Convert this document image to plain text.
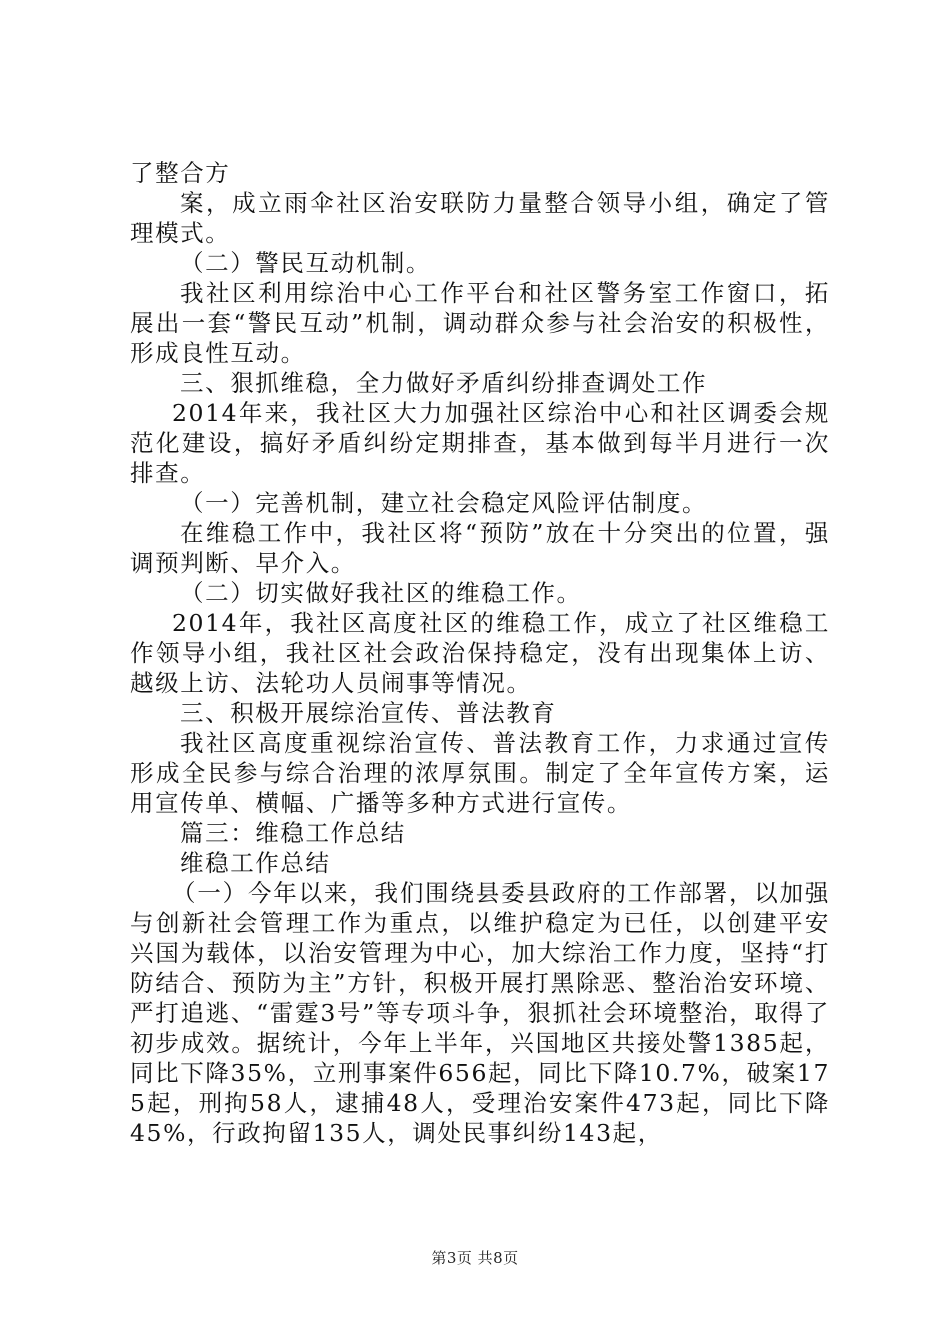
了整合方

案，成立雨伞社区治安联防力量整合领导小组，确定了管理模式。

（二）警民互动机制。

我社区利用综治中心工作平台和社区警务室工作窗口，拓展出一套“警民互动”机制，调动群众参与社会治安的积极性，形成良性互动。

三、狠抓维稳，全力做好矛盾纠纷排查调处工作

2014年来，我社区大力加强社区综治中心和社区调委会规范化建设，搞好矛盾纠纷定期排查，基本做到每半月进行一次排查。

（一）完善机制，建立社会稳定风险评估制度。

在维稳工作中，我社区将“预防”放在十分突出的位置，强调预判断、早介入。

（二）切实做好我社区的维稳工作。

2014年，我社区高度社区的维稳工作，成立了社区维稳工作领导小组，我社区社会政治保持稳定，没有出现集体上访、越级上访、法轮功人员闹事等情况。

三、积极开展综治宣传、普法教育

我社区高度重视综治宣传、普法教育工作，力求通过宣传形成全民参与综合治理的浓厚氛围。制定了全年宣传方案，运用宣传单、横幅、广播等多种方式进行宣传。

篇三：维稳工作总结

维稳工作总结

（一）今年以来，我们围绕县委县政府的工作部署，以加强与创新社会管理工作为重点，以维护稳定为已任，以创建平安兴国为载体，以治安管理为中心，加大综治工作力度，坚持“打防结合、预防为主”方针，积极开展打黑除恶、整治治安环境、严打追逃、“雷霆3号”等专项斗争，狠抓社会环境整治，取得了初步成效。据统计，今年上半年，兴国地区共接处警1385起，同比下降35%，立刑事案件656起，同比下降10.7%，破案175起，刑拘58人，逮捕48人，受理治安案件473起，同比下降45%，行政拘留135人，调处民事纠纷143起，

第3页 共8页
